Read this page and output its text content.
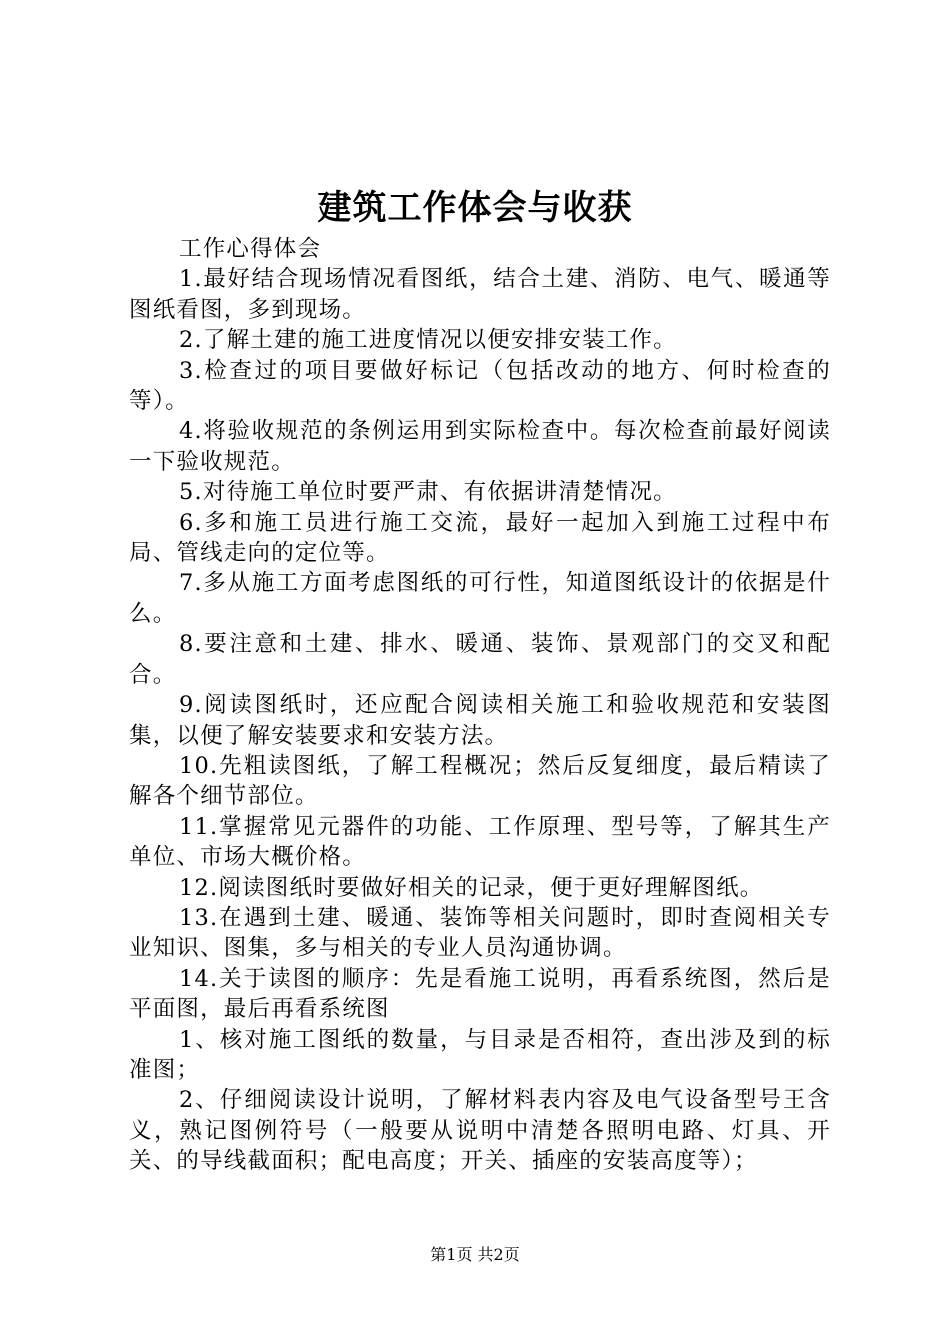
建筑工作体会与收获

工作心得体会

1.最好结合现场情况看图纸，结合土建、消防、电气、暖通等图纸看图，多到现场。

2.了解土建的施工进度情况以便安排安装工作。

3.检查过的项目要做好标记（包括改动的地方、何时检查的等）。

4.将验收规范的条例运用到实际检查中。每次检查前最好阅读一下验收规范。

5.对待施工单位时要严肃、有依据讲清楚情况。

6.多和施工员进行施工交流，最好一起加入到施工过程中布局、管线走向的定位等。

7.多从施工方面考虑图纸的可行性，知道图纸设计的依据是什么。

8.要注意和土建、排水、暖通、装饰、景观部门的交叉和配合。

9.阅读图纸时，还应配合阅读相关施工和验收规范和安装图集，以便了解安装要求和安装方法。

10.先粗读图纸，了解工程概况；然后反复细度，最后精读了解各个细节部位。

11.掌握常见元器件的功能、工作原理、型号等，了解其生产单位、市场大概价格。

12.阅读图纸时要做好相关的记录，便于更好理解图纸。

13.在遇到土建、暖通、装饰等相关问题时，即时查阅相关专业知识、图集，多与相关的专业人员沟通协调。

14.关于读图的顺序：先是看施工说明，再看系统图，然后是平面图，最后再看系统图

1、核对施工图纸的数量，与目录是否相符，查出涉及到的标准图；

2、仔细阅读设计说明，了解材料表内容及电气设备型号王含义，熟记图例符号（一般要从说明中清楚各照明电路、灯具、开关、的导线截面积；配电高度；开关、插座的安装高度等）；

第1页 共2页
